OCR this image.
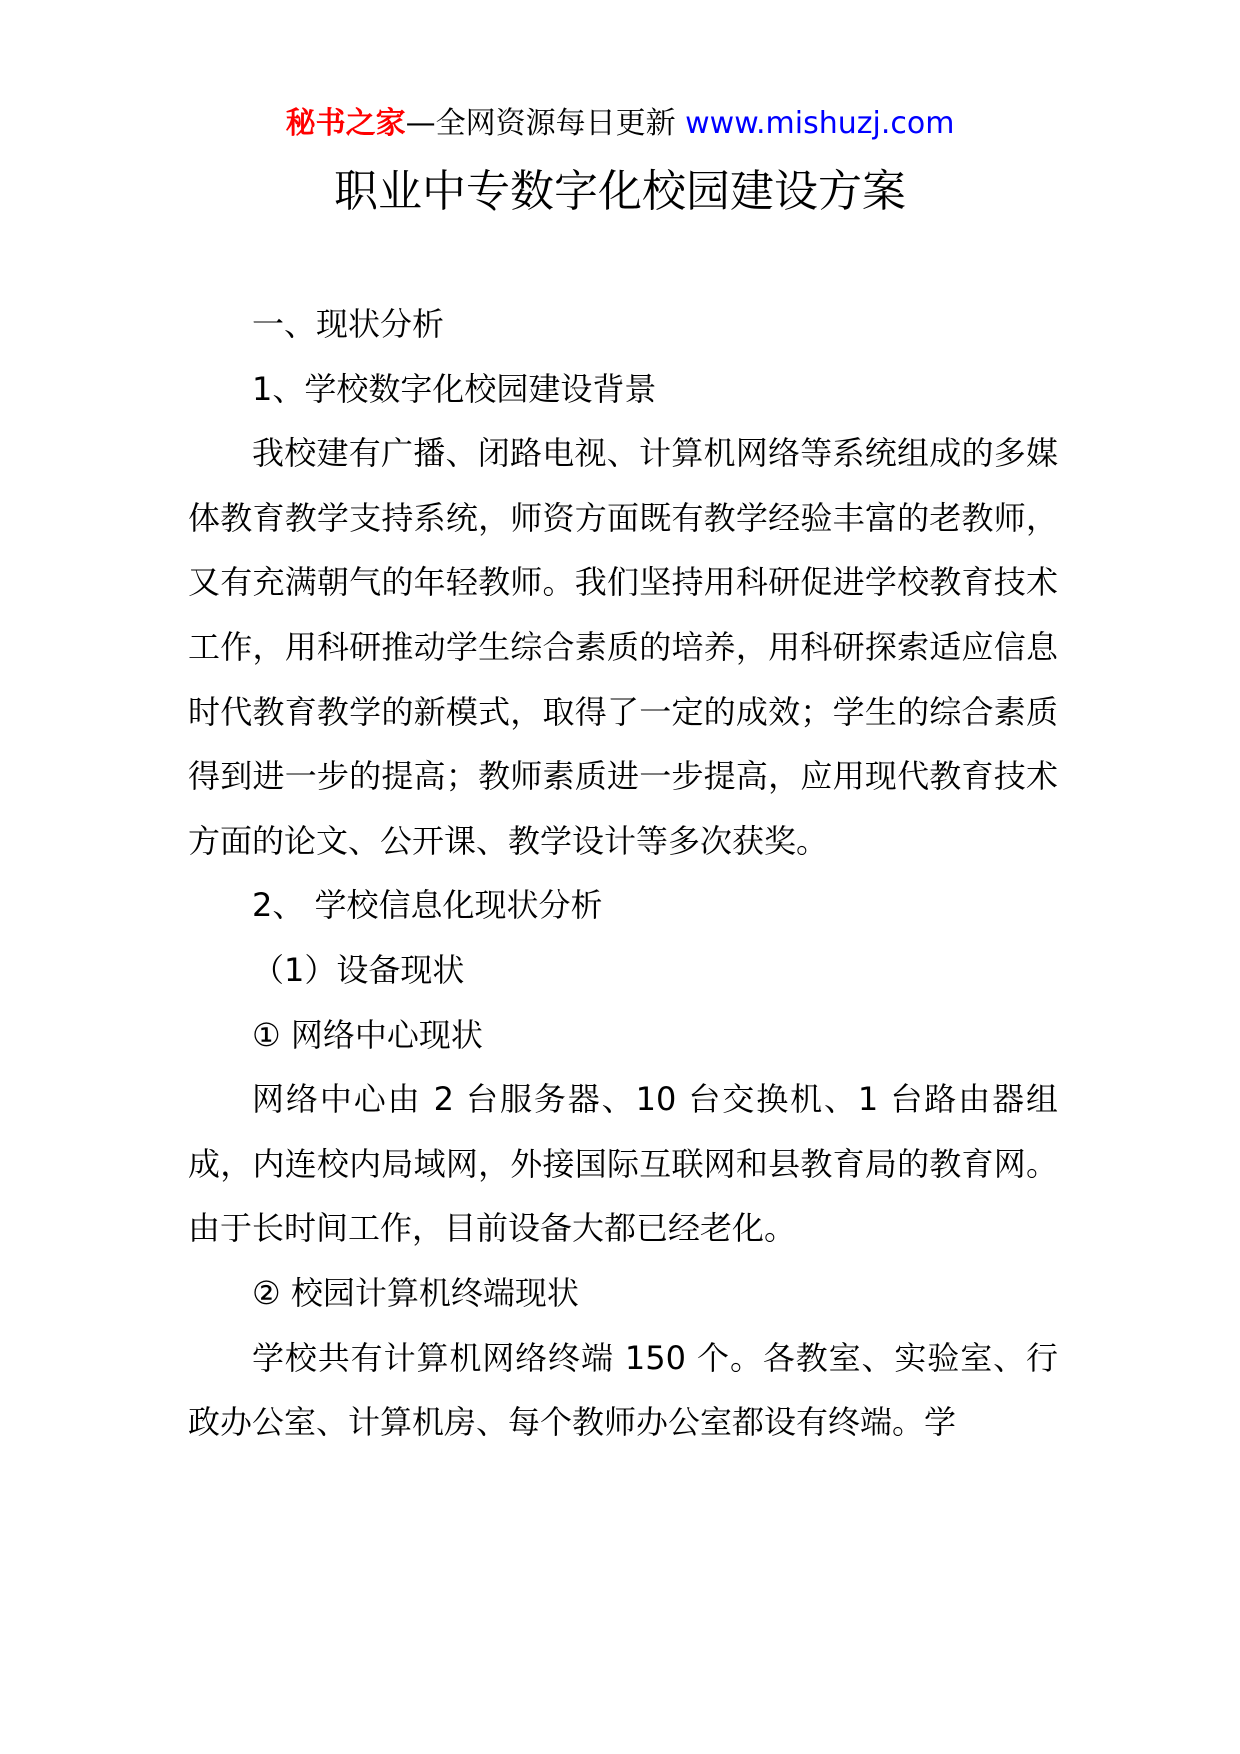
秘书之家—全网资源每日更新 www.mishuzj.com
职业中专数字化校园建设方案

一、现状分析

1、学校数字化校园建设背景

我校建有广播、闭路电视、计算机网络等系统组成的多媒体教育教学支持系统，师资方面既有教学经验丰富的老教师，又有充满朝气的年轻教师。我们坚持用科研促进学校教育技术工作，用科研推动学生综合素质的培养，用科研探索适应信息时代教育教学的新模式，取得了一定的成效；学生的综合素质得到进一步的提高；教师素质进一步提高，应用现代教育技术方面的论文、公开课、教学设计等多次获奖。

2、 学校信息化现状分析

（1）设备现状

① 网络中心现状

网络中心由 2 台服务器、10 台交换机、1 台路由器组成，内连校内局域网，外接国际互联网和县教育局的教育网。由于长时间工作，目前设备大都已经老化。

② 校园计算机终端现状

学校共有计算机网络终端 150 个。各教室、实验室、行政办公室、计算机房、每个教师办公室都设有终端。学
